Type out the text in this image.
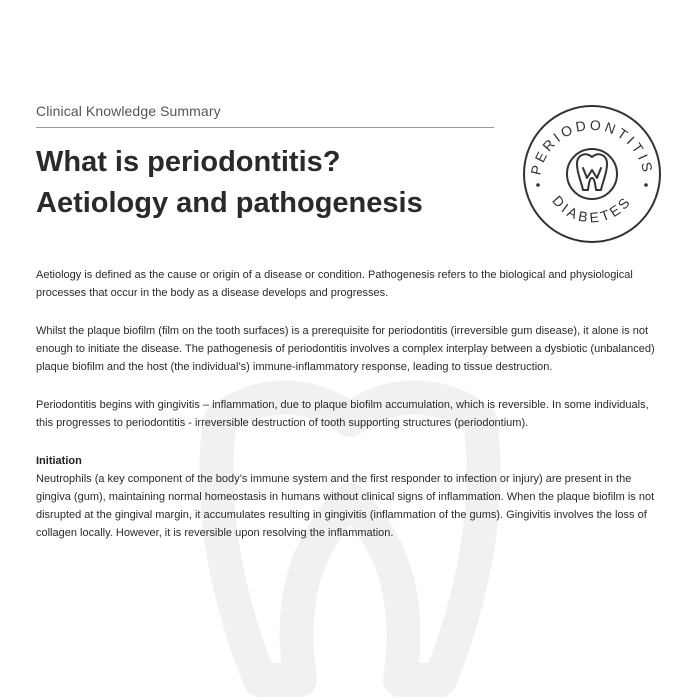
Clinical Knowledge Summary
What is periodontitis?
Aetiology and pathogenesis
PERIODONTITIS
DIABETES

Aetiology is defined as the cause or origin of a disease or condition. Pathogenesis refers to the biological and physiological processes that occur in the body as a disease develops and progresses.

Whilst the plaque biofilm (film on the tooth surfaces) is a prerequisite for periodontitis (irreversible gum disease), it alone is not enough to initiate the disease. The pathogenesis of periodontitis involves a complex interplay between a dysbiotic (unbalanced) plaque biofilm and the host (the individual’s) immune-inflammatory response, leading to tissue destruction.

Periodontitis begins with gingivitis – inflammation, due to plaque biofilm accumulation, which is reversible. In some individuals, this progresses to periodontitis - irreversible destruction of tooth supporting structures (periodontium).

Initiation

Neutrophils (a key component of the body’s immune system and the first responder to infection or injury) are present in the gingiva (gum), maintaining normal homeostasis in humans without clinical signs of inflammation. When the plaque biofilm is not disrupted at the gingival margin, it accumulates resulting in gingivitis (inflammation of the gums). Gingivitis involves the loss of collagen locally. However, it is reversible upon resolving the inflammation.
